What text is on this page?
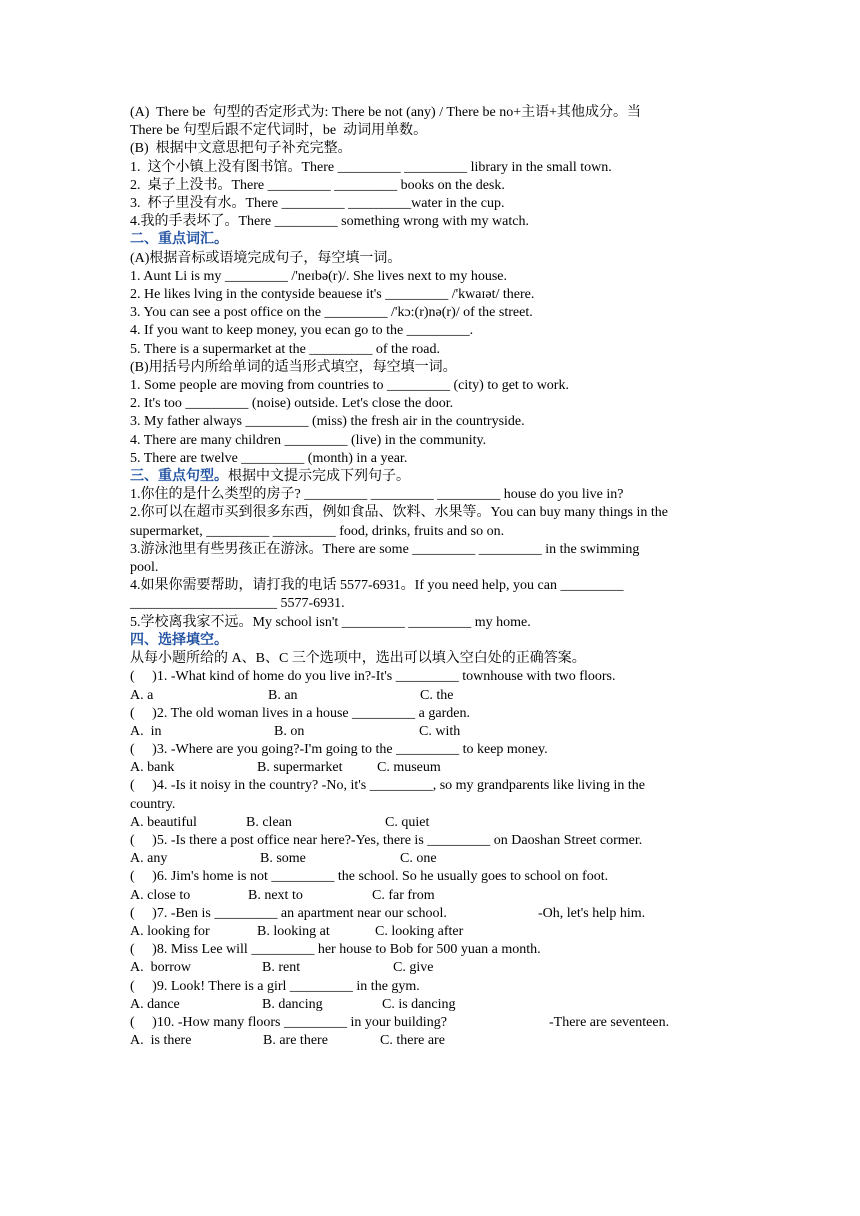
(A)  There be  句型的否定形式为: There be not (any) / There be no+主语+其他成分。当
There be 句型后跟不定代词时，be  动词用单数。
(B)  根据中文意思把句子补充完整。
1.  这个小镇上没有图书馆。There _________ _________ library in the small town.
2.  桌子上没书。There _________ _________ books on the desk.
3.  杯子里没有水。There _________ _________water in the cup.
4.我的手表坏了。There _________ something wrong with my watch.
二、重点词汇。
(A)根据音标或语境完成句子，每空填一词。
1. Aunt Li is my _________ /'neɪbə(r)/. She lives next to my house.
2. He likes lving in the contyside beauese it's _________ /'kwaɪət/ there.
3. You can see a post office on the _________ /'kɔ:(r)nə(r)/ of the street.
4. If you want to keep money, you ecan go to the _________.
5. There is a supermarket at the _________ of the road.
(B)用括号内所给单词的适当形式填空，每空填一词。
1. Some people are moving from countries to _________ (city) to get to work.
2. It's too _________ (noise) outside. Let's close the door.
3. My father always _________ (miss) the fresh air in the countryside.
4. There are many children _________ (live) in the community.
5. There are twelve _________ (month) in a year.
三、重点句型。根据中文提示完成下列句子。
1.你住的是什么类型的房子? _________ _________ _________ house do you live in?
2.你可以在超市买到很多东西，例如食品、饮料、水果等。You can buy many things in the
supermarket, _________ _________ food, drinks, fruits and so on.
3.游泳池里有些男孩正在游泳。There are some _________ _________ in the swimming
pool.
4.如果你需要帮助，请打我的电话 5577-6931。If you need help, you can _________
_____________________ 5577-6931.
5.学校离我家不远。My school isn't _________ _________ my home.
四、选择填空。
从每小题所给的 A、B、C 三个选项中，选出可以填入空白处的正确答案。
(     )1. -What kind of home do you live in?-It's _________ townhouse with two floors.

A. a

	B. an

	C. the

(     )2. The old woman lives in a house _________ a garden.

A.  in

	B. on

	C. with

(     )3. -Where are you going?-I'm going to the _________ to keep money.

A. bank

	B. supermarket

C. museum

(     )4. -Is it noisy in the country? -No, it's _________, so my grandparents like living in the
country.

A. beautiful

	B. clean

	C. quiet

(     )5. -Is there a post office near here?-Yes, there is _________ on Daoshan Street cormer.

A. any

	B. some

	C. one

(     )6. Jim's home is not _________ the school. So he usually goes to school on foot.

A. close to

	B. next to

	C. far from

(     )7. -Ben is _________ an apartment near our school.

	-Oh, let's help him.

A. looking for

	B. looking at

	C. looking after

(     )8. Miss Lee will _________ her house to Bob for 500 yuan a month.

A.  borrow

	B. rent

	C. give

(     )9. Look! There is a girl _________ in the gym.

A. dance

	B. dancing

	C. is dancing

(     )10. -How many floors _________ in your building?

	-There are seventeen.

A.  is there

	B. are there

	C. there are
